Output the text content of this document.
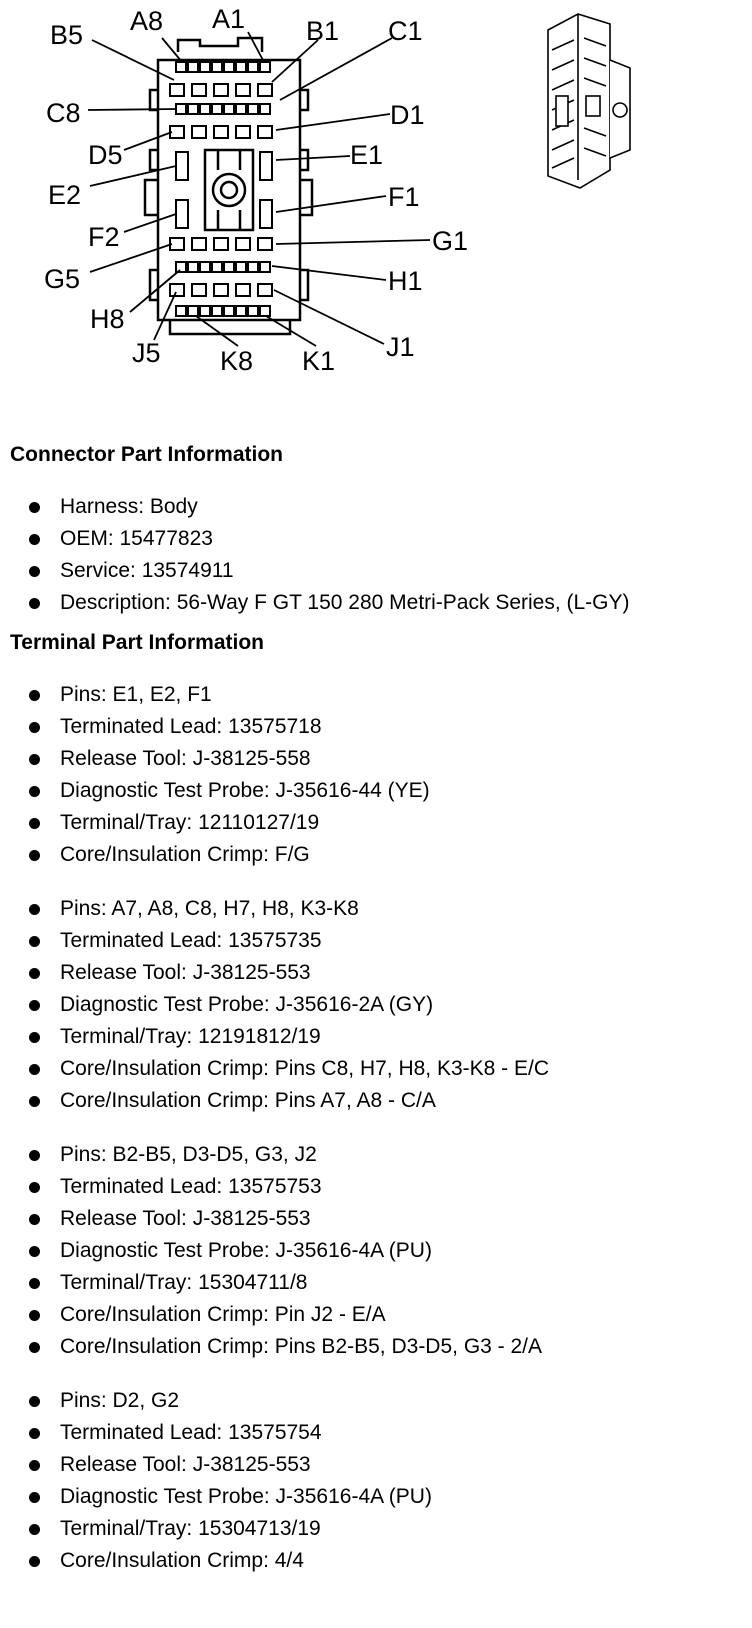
B5 A8 A1 B1 C1
C8	D1
D5	E1
E2	F1
F2	G1
G5	H1
H8
J1
J5 K8 K1
Connector Part Information
Harness: Body
OEM: 15477823
Service: 13574911
Description: 56-Way F GT 150 280 Metri-Pack Series, (L-GY)
Terminal Part Information
Pins: E1, E2, F1
Terminated Lead: 13575718
Release Tool: J-38125-558
Diagnostic Test Probe: J-35616-44 (YE)
Terminal/Tray: 12110127/19
Core/Insulation Crimp: F/G
Pins: A7, A8, C8, H7, H8, K3-K8
Terminated Lead: 13575735
Release Tool: J-38125-553
Diagnostic Test Probe: J-35616-2A (GY)
Terminal/Tray: 12191812/19
Core/Insulation Crimp: Pins C8, H7, H8, K3-K8 - E/C
Core/Insulation Crimp: Pins A7, A8 - C/A
Pins: B2-B5, D3-D5, G3, J2
Terminated Lead: 13575753
Release Tool: J-38125-553
Diagnostic Test Probe: J-35616-4A (PU)
Terminal/Tray: 15304711/8
Core/Insulation Crimp: Pin J2 - E/A
Core/Insulation Crimp: Pins B2-B5, D3-D5, G3 - 2/A
Pins: D2, G2
Terminated Lead: 13575754
Release Tool: J-38125-553
Diagnostic Test Probe: J-35616-4A (PU)
Terminal/Tray: 15304713/19
Core/Insulation Crimp: 4/4
